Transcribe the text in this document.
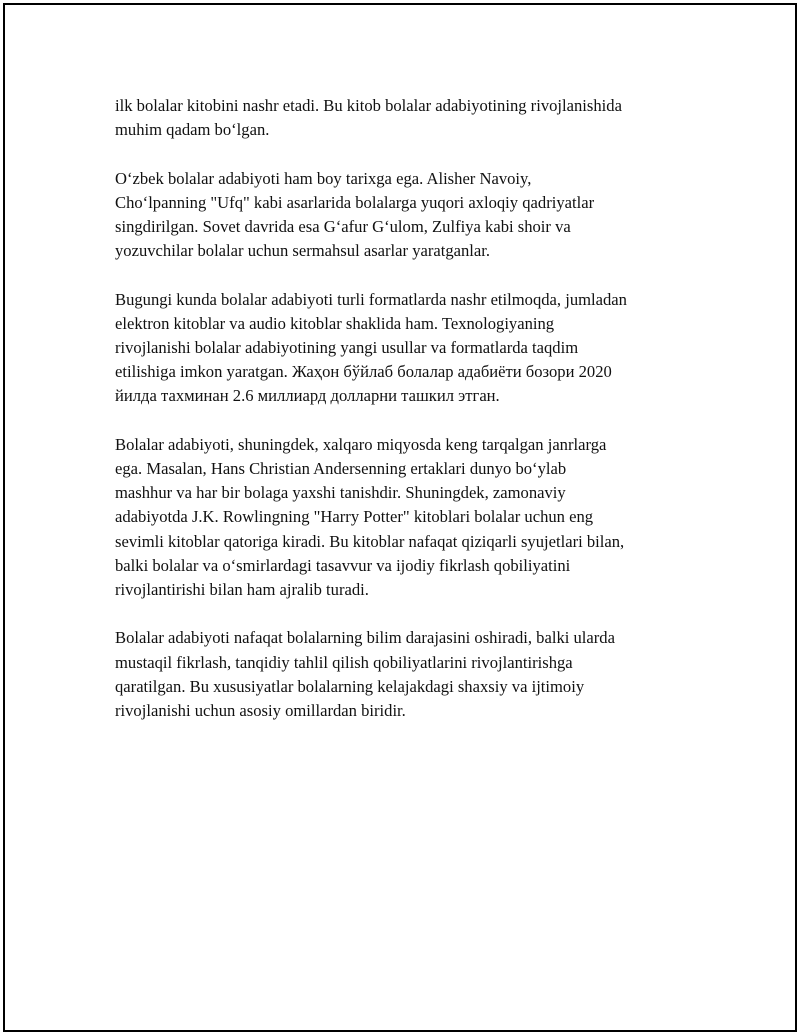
ilk bolalar kitobini nashr etadi. Bu kitob bolalar adabiyotining rivojlanishida
muhim qadam boʻlgan.

Oʻzbek bolalar adabiyoti ham boy tarixga ega. Alisher Navoiy,
Choʻlpanning "Ufq" kabi asarlarida bolalarga yuqori axloqiy qadriyatlar
singdirilgan. Sovet davrida esa Gʻafur Gʻulom, Zulfiya kabi shoir va
yozuvchilar bolalar uchun sermahsul asarlar yaratganlar.

Bugungi kunda bolalar adabiyoti turli formatlarda nashr etilmoqda, jumladan
elektron kitoblar va audio kitoblar shaklida ham. Texnologiyaning
rivojlanishi bolalar adabiyotining yangi usullar va formatlarda taqdim
etilishiga imkon yaratgan. Жаҳон бўйлаб болалар адабиёти бозори 2020
йилда тахминан 2.6 миллиард долларни ташкил этган.

Bolalar adabiyoti, shuningdek, xalqaro miqyosda keng tarqalgan janrlarga
ega. Masalan, Hans Christian Andersenning ertaklari dunyo boʻylab
mashhur va har bir bolaga yaxshi tanishdir. Shuningdek, zamonaviy
adabiyotda J.K. Rowlingning "Harry Potter" kitoblari bolalar uchun eng
sevimli kitoblar qatoriga kiradi. Bu kitoblar nafaqat qiziqarli syujetlari bilan,
balki bolalar va oʻsmirlardagi tasavvur va ijodiy fikrlash qobiliyatini
rivojlantirishi bilan ham ajralib turadi.

Bolalar adabiyoti nafaqat bolalarning bilim darajasini oshiradi, balki ularda
mustaqil fikrlash, tanqidiy tahlil qilish qobiliyatlarini rivojlantirishga
qaratilgan. Bu xususiyatlar bolalarning kelajakdagi shaxsiy va ijtimoiy
rivojlanishi uchun asosiy omillardan biridir.
